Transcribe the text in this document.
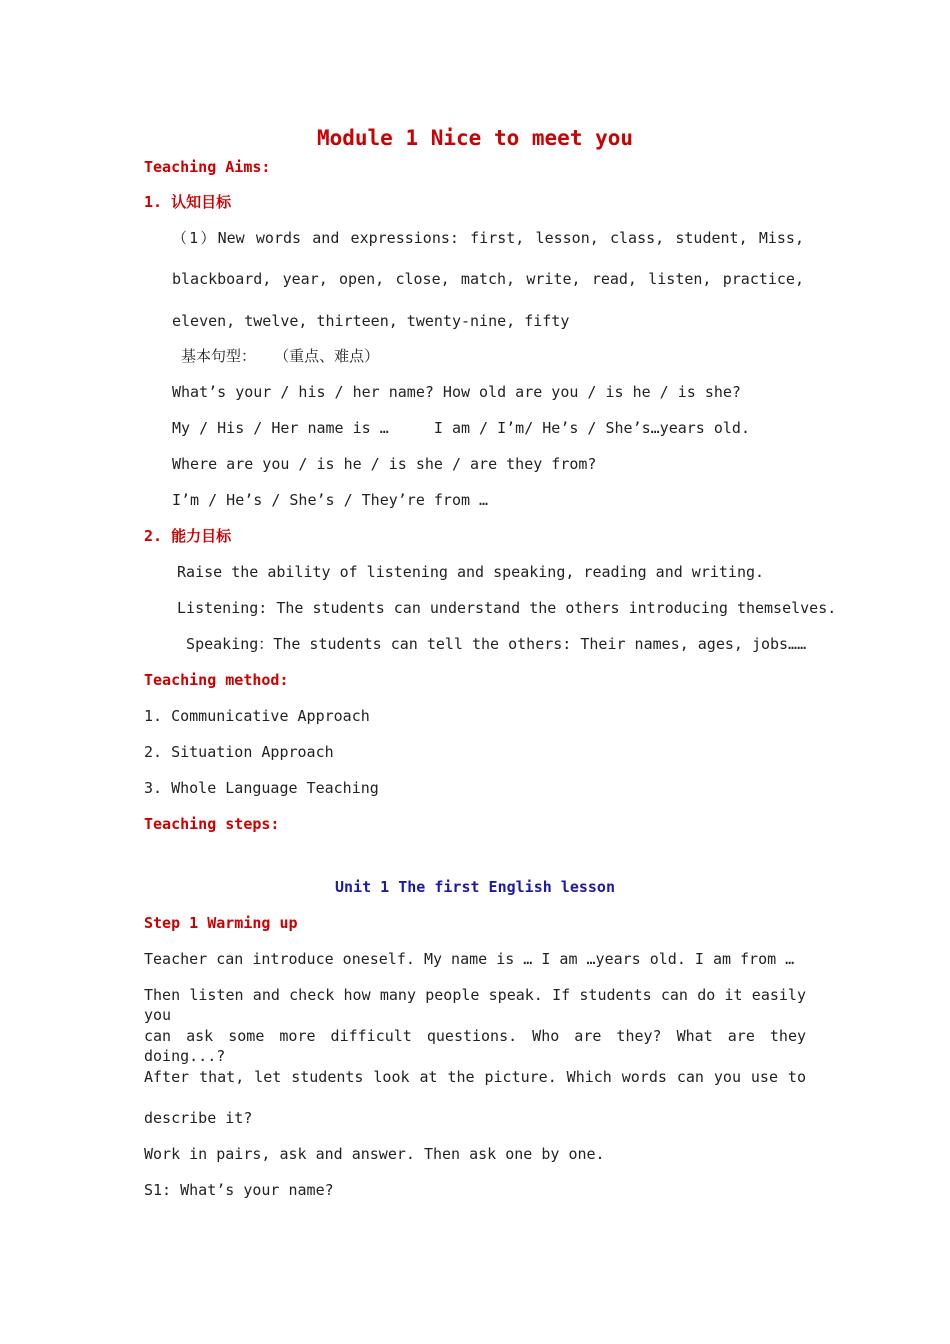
Module 1 Nice to meet you
Teaching Aims:
1. 认知目标
（1）New words and expressions: first, lesson, class, student, Miss,
blackboard, year, open, close, match, write, read, listen, practice,
eleven, twelve, thirteen, twenty-nine, fifty
基本句型：  （重点、难点）
What’s your / his / her name? How old are you / is he / is she?
My / His / Her name is …     I am / I’m/ He’s / She’s…years old.
Where are you / is he / is she / are they from?
I’m / He’s / She’s / They’re from …
2. 能力目标
Raise the ability of listening and speaking, reading and writing.
Listening: The students can understand the others introducing themselves.
Speaking：The students can tell the others: Their names, ages, jobs……
Teaching method:
1. Communicative Approach
2. Situation Approach
3. Whole Language Teaching
Teaching steps:
Unit 1 The first English lesson
Step 1 Warming up
Teacher can introduce oneself. My name is … I am …years old. I am from …
Then listen and check how many people speak. If students can do it easily you
can ask some more difficult questions. Who are they? What are they doing...?
After that, let students look at the picture. Which words can you use to
describe it?
Work in pairs, ask and answer. Then ask one by one.
S1: What’s your name?
